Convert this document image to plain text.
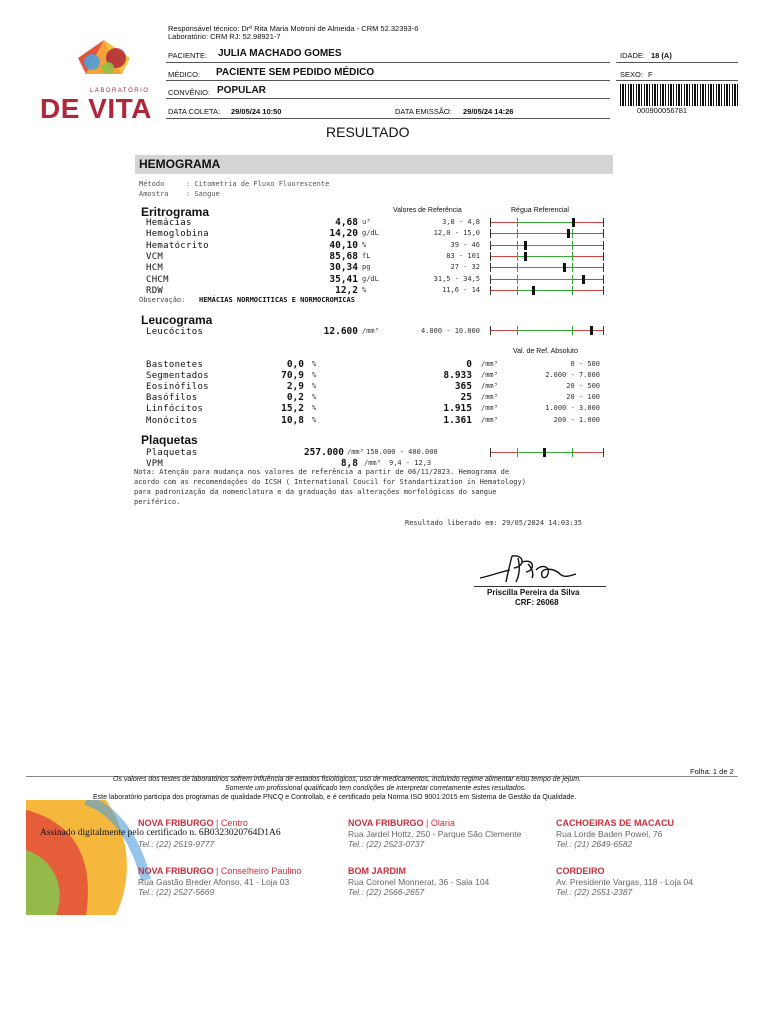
Responsável técnico: Drª Rita Maria Motroni de Almeida - CRM 52.32393-6
Laboratório: CRM RJ: 52.98921-7
LABORATÓRIO
DE VITA
PACIENTE: JULIA MACHADO GOMES
MÉDICO: PACIENTE SEM PEDIDO MÉDICO
CONVÊNIO: POPULAR
DATA COLETA: 29/05/24 10:50	DATA EMISSÃO: 29/05/24 14:26
IDADE: 18 (A)
SEXO: F
000900056781
RESULTADO
HEMOGRAMA
Método	: Citometria de Fluxo Fluorescente
Amostra : Sangue
Eritrograma	Valores de Referência	Régua Referencial
Hemácias	4,68 u³	3,8 - 4,8
Hemoglobina	14,20 g/dL	12,0 - 15,0
Hematócrito	40,10 %	39 - 46
VCM	85,68 fL	83 - 101
HCM	30,34 pg	27 - 32
CHCM	35,41 g/dL	31,5 - 34,5
RDW	12,2 %	11,6 - 14
Observação: HEMÁCIAS NORMOCITICAS E NORMOCROMICAS
Leucograma
Leucócitos	12.600 /mm³	4.000 - 10.000
Val. de Ref. Absoluto
Bastonetes	0,0 %	0 /mm³	0 - 500
Segmentados	70,9 %	8.933 /mm³	2.000 - 7.800
Eosinófilos	2,9 %	365 /mm³	20 - 500
Basófilos	0,2 %	25 /mm³	20 - 100
Linfócitos	15,2 %	1.915 /mm³	1.000 - 3.000
Monócitos	10,8 %	1.361 /mm³	200 - 1.000
Plaquetas
Plaquetas	257.000 /mm³ 150.000 - 400.000
VPM	8,8 /mm³ 9,4 - 12,3
Nota: Atenção para mudança nos valores de referência a partir de 06/11/2023. Hemograma de
acordo com as recomendações do ICSH ( International Coucil for Standartization in Hematology)
para padronização da nomenclatura e da graduação das alterações morfológicas do sangue
periférico.
Resultado liberado em: 29/05/2024 14:03:35
Priscilla Pereira da Silva
CRF: 26068
Folha: 1 de 2
Os valores dos testes de laboratórios sofrem influência de estados fisiológicos, uso de medicamentos, incluindo regime alimentar e/ou tempo de jejum.
Somente um profissional qualificado tem condições de interpretar corretamente estes resultados.
Este laboratório participa dos programas de qualidade PNCQ e Controllab, e é certificado pela Norma ISO 9001:2015 em Sistema de Gestão da Qualidade.
NOVA FRIBURGO | Centro
Tel.: (22) 2519-9777
NOVA FRIBURGO | Olaria
Rua Jardel Hottz, 250 - Parque São Clemente
Tel.: (22) 2523-0737
CACHOEIRAS DE MACACU
Rua Lorde Baden Powel, 76
Tel.: (21) 2649-6582
NOVA FRIBURGO | Conselheiro Paulino
Rua Gastão Breder Afonso, 41 - Loja 03
Tel.: (22) 2527-5669
BOM JARDIM
Rua Coronel Monnerat, 36 - Sala 104
Tel.: (22) 2566-2657
CORDEIRO
Av. Presidente Vargas, 118 - Loja 04
Tel.: (22) 2551-2387
Assinado digitalmente pelo certificado n. 6B0323020764D1A6
